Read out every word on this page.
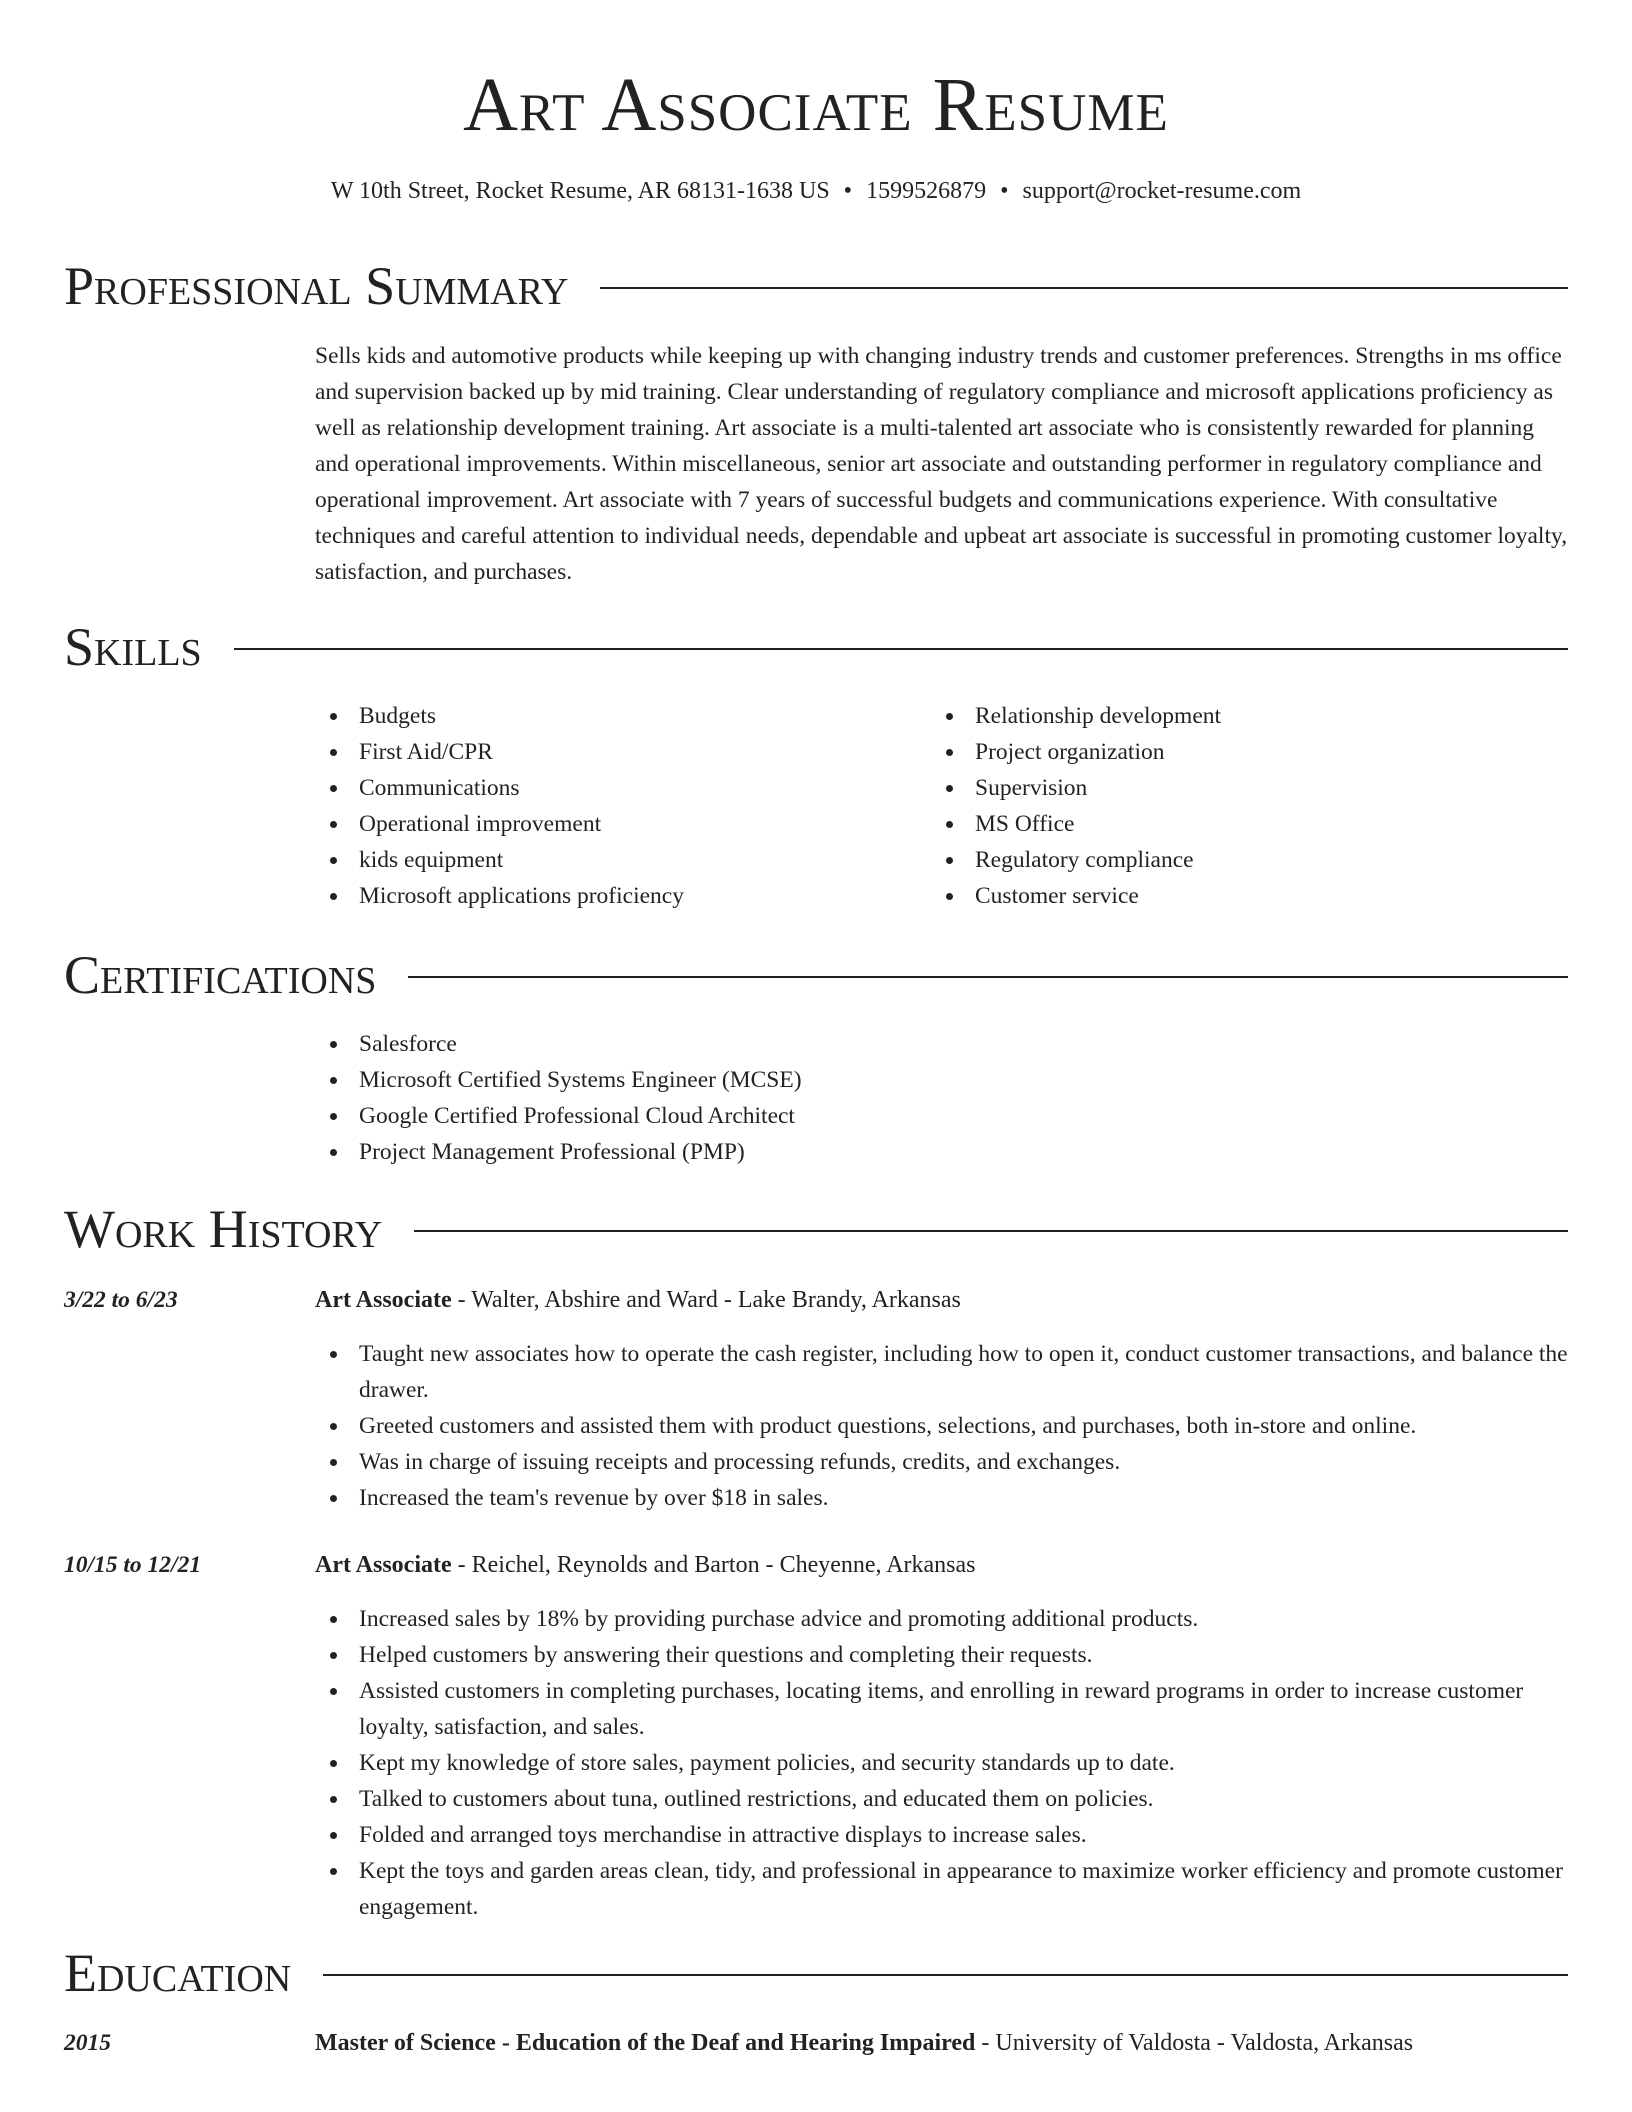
Art Associate Resume
W 10th Street, Rocket Resume, AR 68131-1638 US • 1599526879 • support@rocket-resume.com
Professional Summary
Sells kids and automotive products while keeping up with changing industry trends and customer preferences. Strengths in ms office and supervision backed up by mid training. Clear understanding of regulatory compliance and microsoft applications proficiency as well as relationship development training. Art associate is a multi-talented art associate who is consistently rewarded for planning and operational improvements. Within miscellaneous, senior art associate and outstanding performer in regulatory compliance and operational improvement. Art associate with 7 years of successful budgets and communications experience. With consultative techniques and careful attention to individual needs, dependable and upbeat art associate is successful in promoting customer loyalty, satisfaction, and purchases.
Skills
Budgets
First Aid/CPR
Communications
Operational improvement
kids equipment
Microsoft applications proficiency
Relationship development
Project organization
Supervision
MS Office
Regulatory compliance
Customer service
Certifications
Salesforce
Microsoft Certified Systems Engineer (MCSE)
Google Certified Professional Cloud Architect
Project Management Professional (PMP)
Work History
3/22 to 6/23	Art Associate - Walter, Abshire and Ward - Lake Brandy, Arkansas
Taught new associates how to operate the cash register, including how to open it, conduct customer transactions, and balance the drawer.
Greeted customers and assisted them with product questions, selections, and purchases, both in-store and online.
Was in charge of issuing receipts and processing refunds, credits, and exchanges.
Increased the team's revenue by over $18 in sales.
10/15 to 12/21	Art Associate - Reichel, Reynolds and Barton - Cheyenne, Arkansas
Increased sales by 18% by providing purchase advice and promoting additional products.
Helped customers by answering their questions and completing their requests.
Assisted customers in completing purchases, locating items, and enrolling in reward programs in order to increase customer loyalty, satisfaction, and sales.
Kept my knowledge of store sales, payment policies, and security standards up to date.
Talked to customers about tuna, outlined restrictions, and educated them on policies.
Folded and arranged toys merchandise in attractive displays to increase sales.
Kept the toys and garden areas clean, tidy, and professional in appearance to maximize worker efficiency and promote customer engagement.
Education
2015	Master of Science - Education of the Deaf and Hearing Impaired - University of Valdosta - Valdosta, Arkansas
